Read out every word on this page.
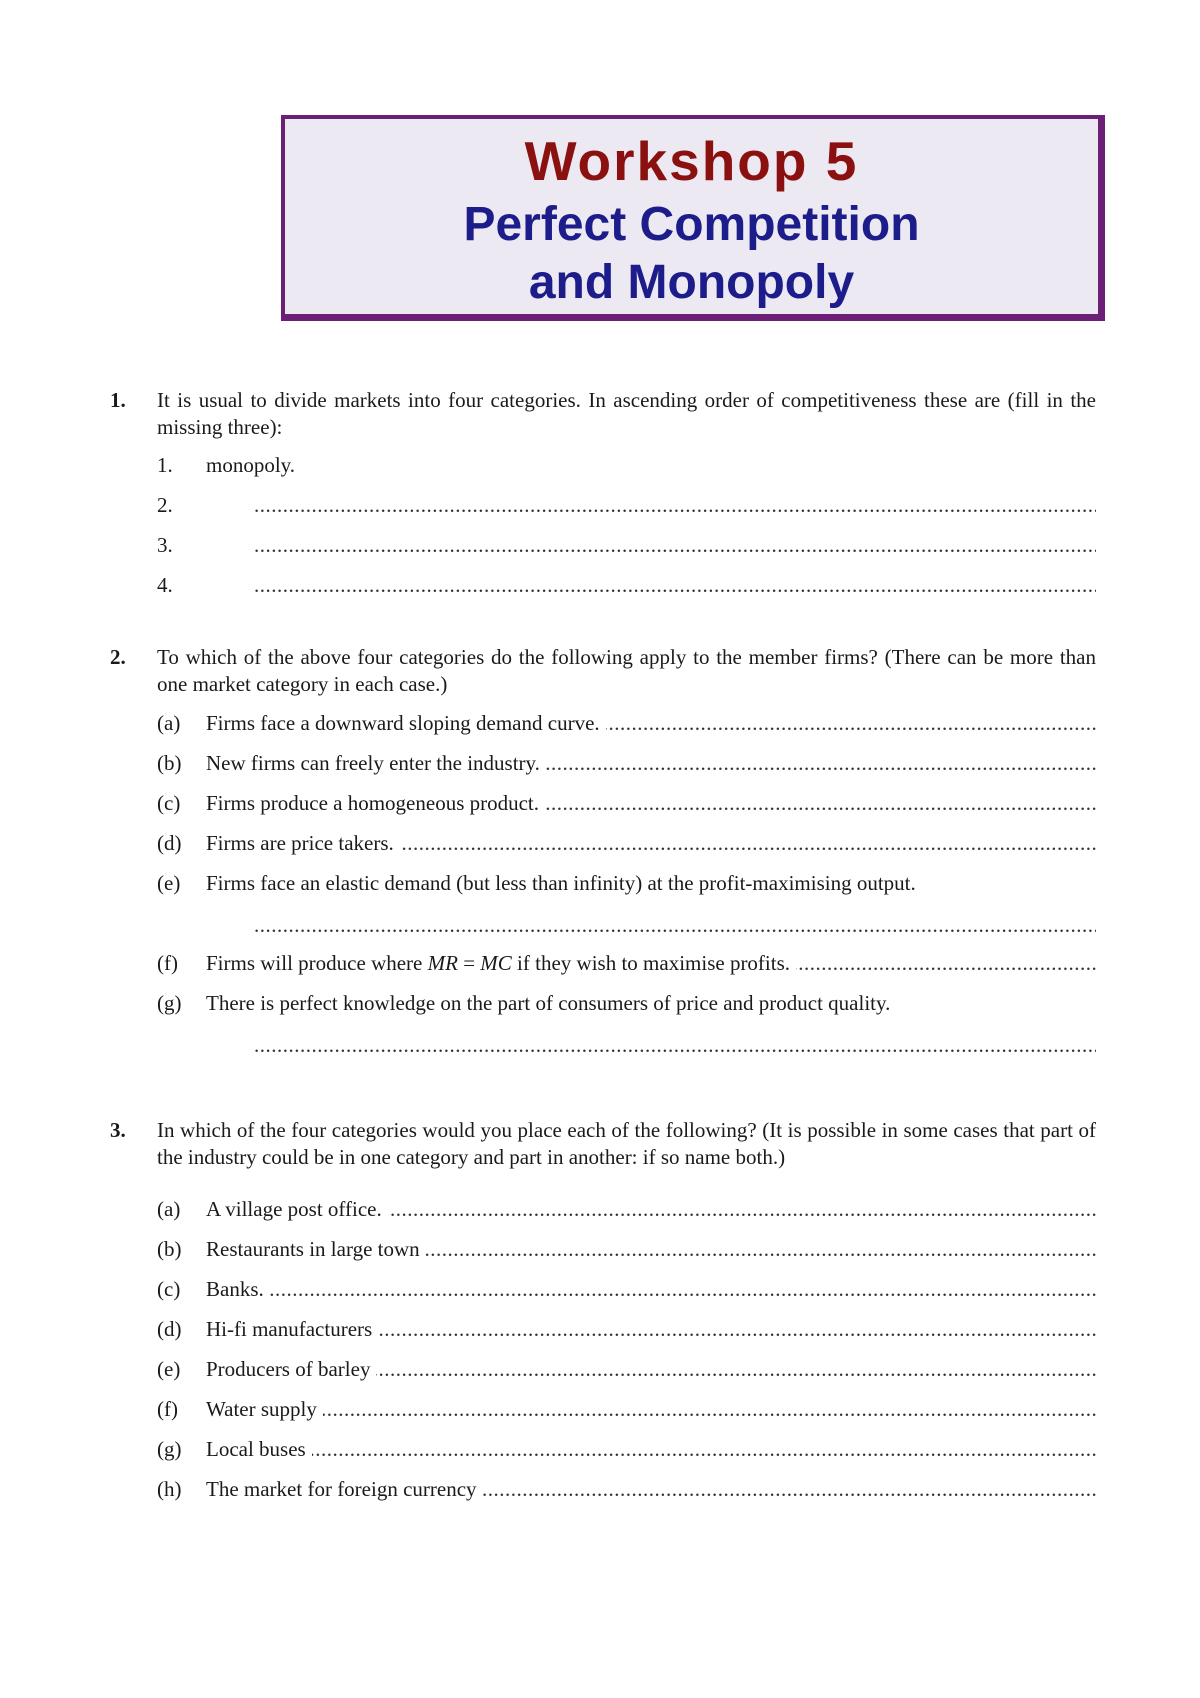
Workshop 5
Perfect Competition
and Monopoly
1. It is usual to divide markets into four categories. In ascending order of competitiveness these are (fill in the missing three):
1. monopoly.
2.
.....
3.
.....
4.
.....
2. To which of the above four categories do the following apply to the member firms? (There can be more than one market category in each case.)
(a) Firms face a downward sloping demand curve.
.....
(b) New firms can freely enter the industry.
.....
(c) Firms produce a homogeneous product.
.....
(d) Firms are price takers.
.....
(e) Firms face an elastic demand (but less than infinity) at the profit-maximising output.
.....
(f) Firms will produce where MR = MC if they wish to maximise profits.
.....
(g) There is perfect knowledge on the part of consumers of price and product quality.
.....
3. In which of the four categories would you place each of the following? (It is possible in some cases that part of the industry could be in one category and part in another: if so name both.)
(a) A village post office.
.....
(b) Restaurants in large town
.....
(c) Banks.
.....
(d) Hi-fi manufacturers
.....
(e) Producers of barley
.....
(f) Water supply
.....
(g) Local buses
.....
(h) The market for foreign currency
.....
